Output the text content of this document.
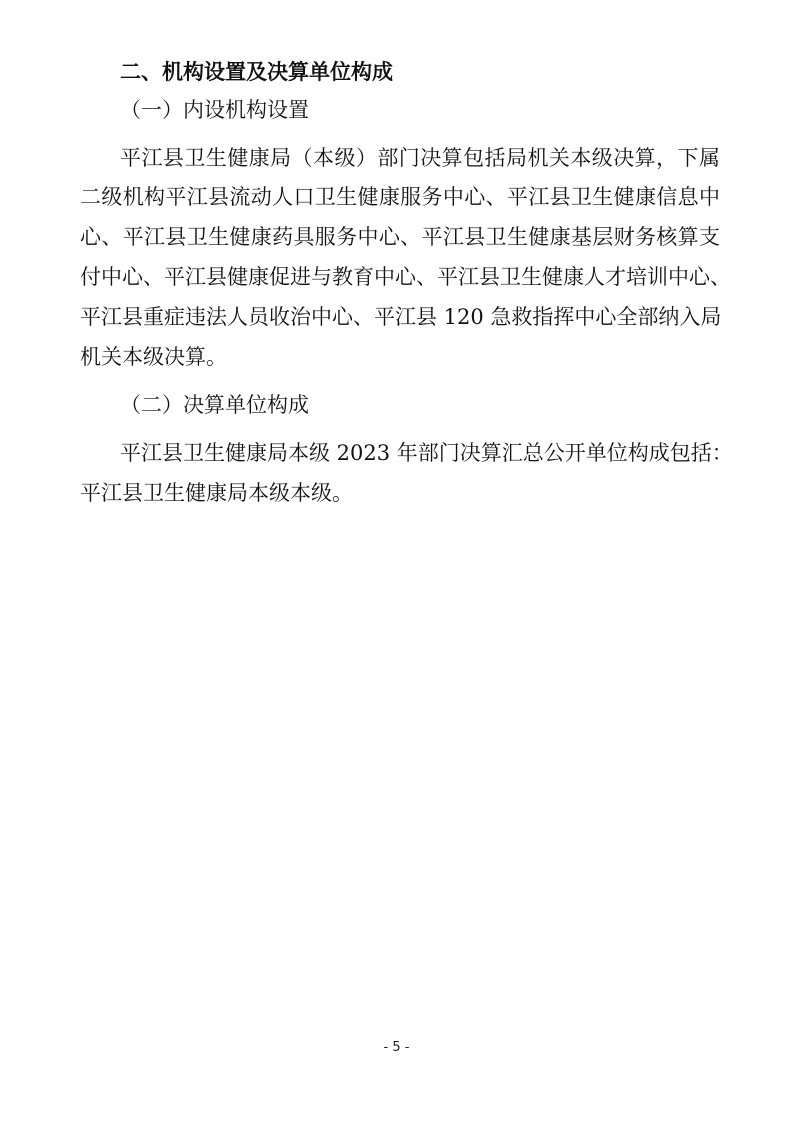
二、机构设置及决算单位构成
（一）内设机构设置
平江县卫生健康局（本级）部门决算包括局机关本级决算，下属
二级机构平江县流动人口卫生健康服务中心、平江县卫生健康信息中
心、平江县卫生健康药具服务中心、平江县卫生健康基层财务核算支
付中心、平江县健康促进与教育中心、平江县卫生健康人才培训中心、
平江县重症违法人员收治中心、平江县 120 急救指挥中心全部纳入局
机关本级决算。
（二）决算单位构成
平江县卫生健康局本级 2023 年部门决算汇总公开单位构成包括：
平江县卫生健康局本级本级。
- 5 -
